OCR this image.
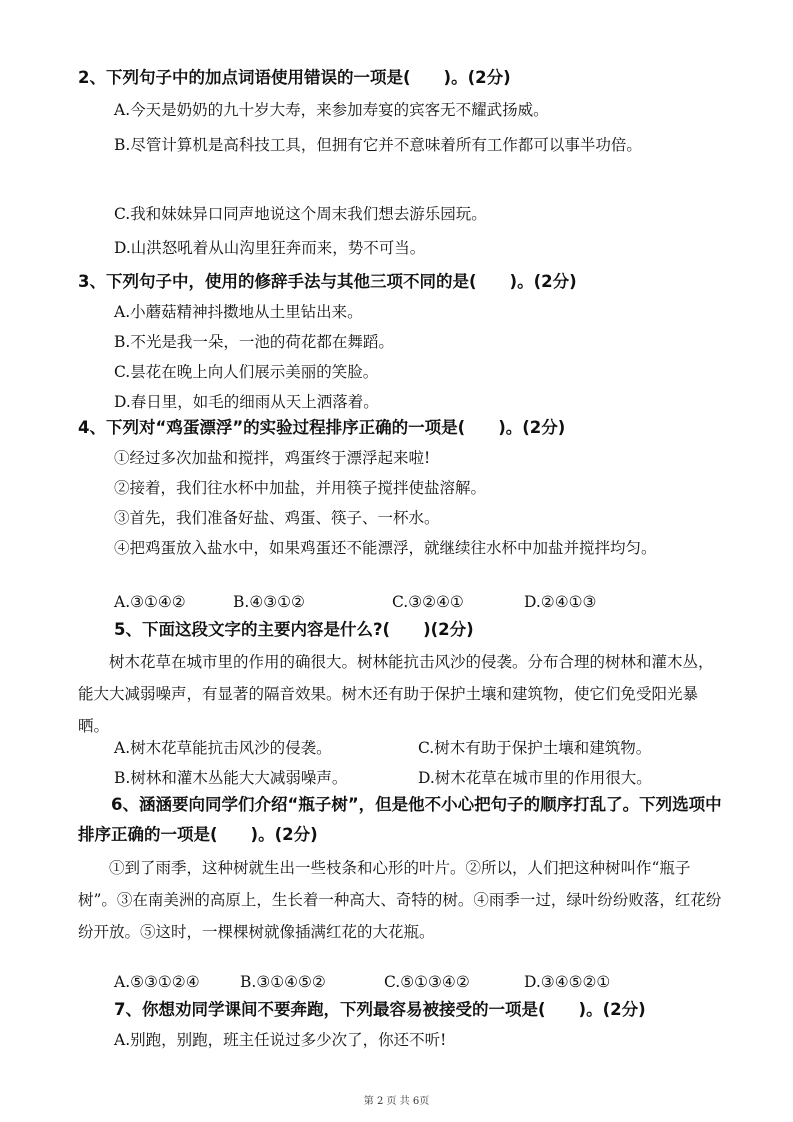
2、下列句子中的加点词语使用错误的一项是(　　)。(2分)
A.今天是奶奶的九十岁大寿，来参加寿宴的宾客无不耀武扬威。
B.尽管计算机是高科技工具，但拥有它并不意味着所有工作都可以事半功倍。
C.我和妹妹异口同声地说这个周末我们想去游乐园玩。
D.山洪怒吼着从山沟里狂奔而来，势不可当。
3、下列句子中，使用的修辞手法与其他三项不同的是(　　)。(2分)
A.小蘑菇精神抖擞地从土里钻出来。
B.不光是我一朵，一池的荷花都在舞蹈。
C.昙花在晚上向人们展示美丽的笑脸。
D.春日里，如毛的细雨从天上洒落着。
4、下列对“鸡蛋漂浮”的实验过程排序正确的一项是(　　)。(2分)
①经过多次加盐和搅拌，鸡蛋终于漂浮起来啦!
②接着，我们往水杯中加盐，并用筷子搅拌使盐溶解。
③首先，我们准备好盐、鸡蛋、筷子、一杯水。
④把鸡蛋放入盐水中，如果鸡蛋还不能漂浮，就继续往水杯中加盐并搅拌均匀。
A.③①④②	B.④③①②	C.③②④①	D.②④①③
5、下面这段文字的主要内容是什么?(　　)(2分)
树木花草在城市里的作用的确很大。树林能抗击风沙的侵袭。分布合理的树林和灌木丛，能大大减弱噪声，有显著的隔音效果。树木还有助于保护土壤和建筑物，使它们免受阳光暴晒。
A.树木花草能抗击风沙的侵袭。	C.树木有助于保护土壤和建筑物。
B.树林和灌木丛能大大减弱噪声。	D.树木花草在城市里的作用很大。
6、涵涵要向同学们介绍“瓶子树”，但是他不小心把句子的顺序打乱了。下列选项中排序正确的一项是(　　)。(2分)
①到了雨季，这种树就生出一些枝条和心形的叶片。②所以，人们把这种树叫作“瓶子树”。③在南美洲的高原上，生长着一种高大、奇特的树。④雨季一过，绿叶纷纷败落，红花纷纷开放。⑤这时，一棵棵树就像插满红花的大花瓶。
A.⑤③①②④	B.③①④⑤②	C.⑤①③④②	D.③④⑤②①
7、你想劝同学课间不要奔跑，下列最容易被接受的一项是(　　)。(2分)
A.别跑，别跑，班主任说过多少次了，你还不听!
第 2 页 共 6页
